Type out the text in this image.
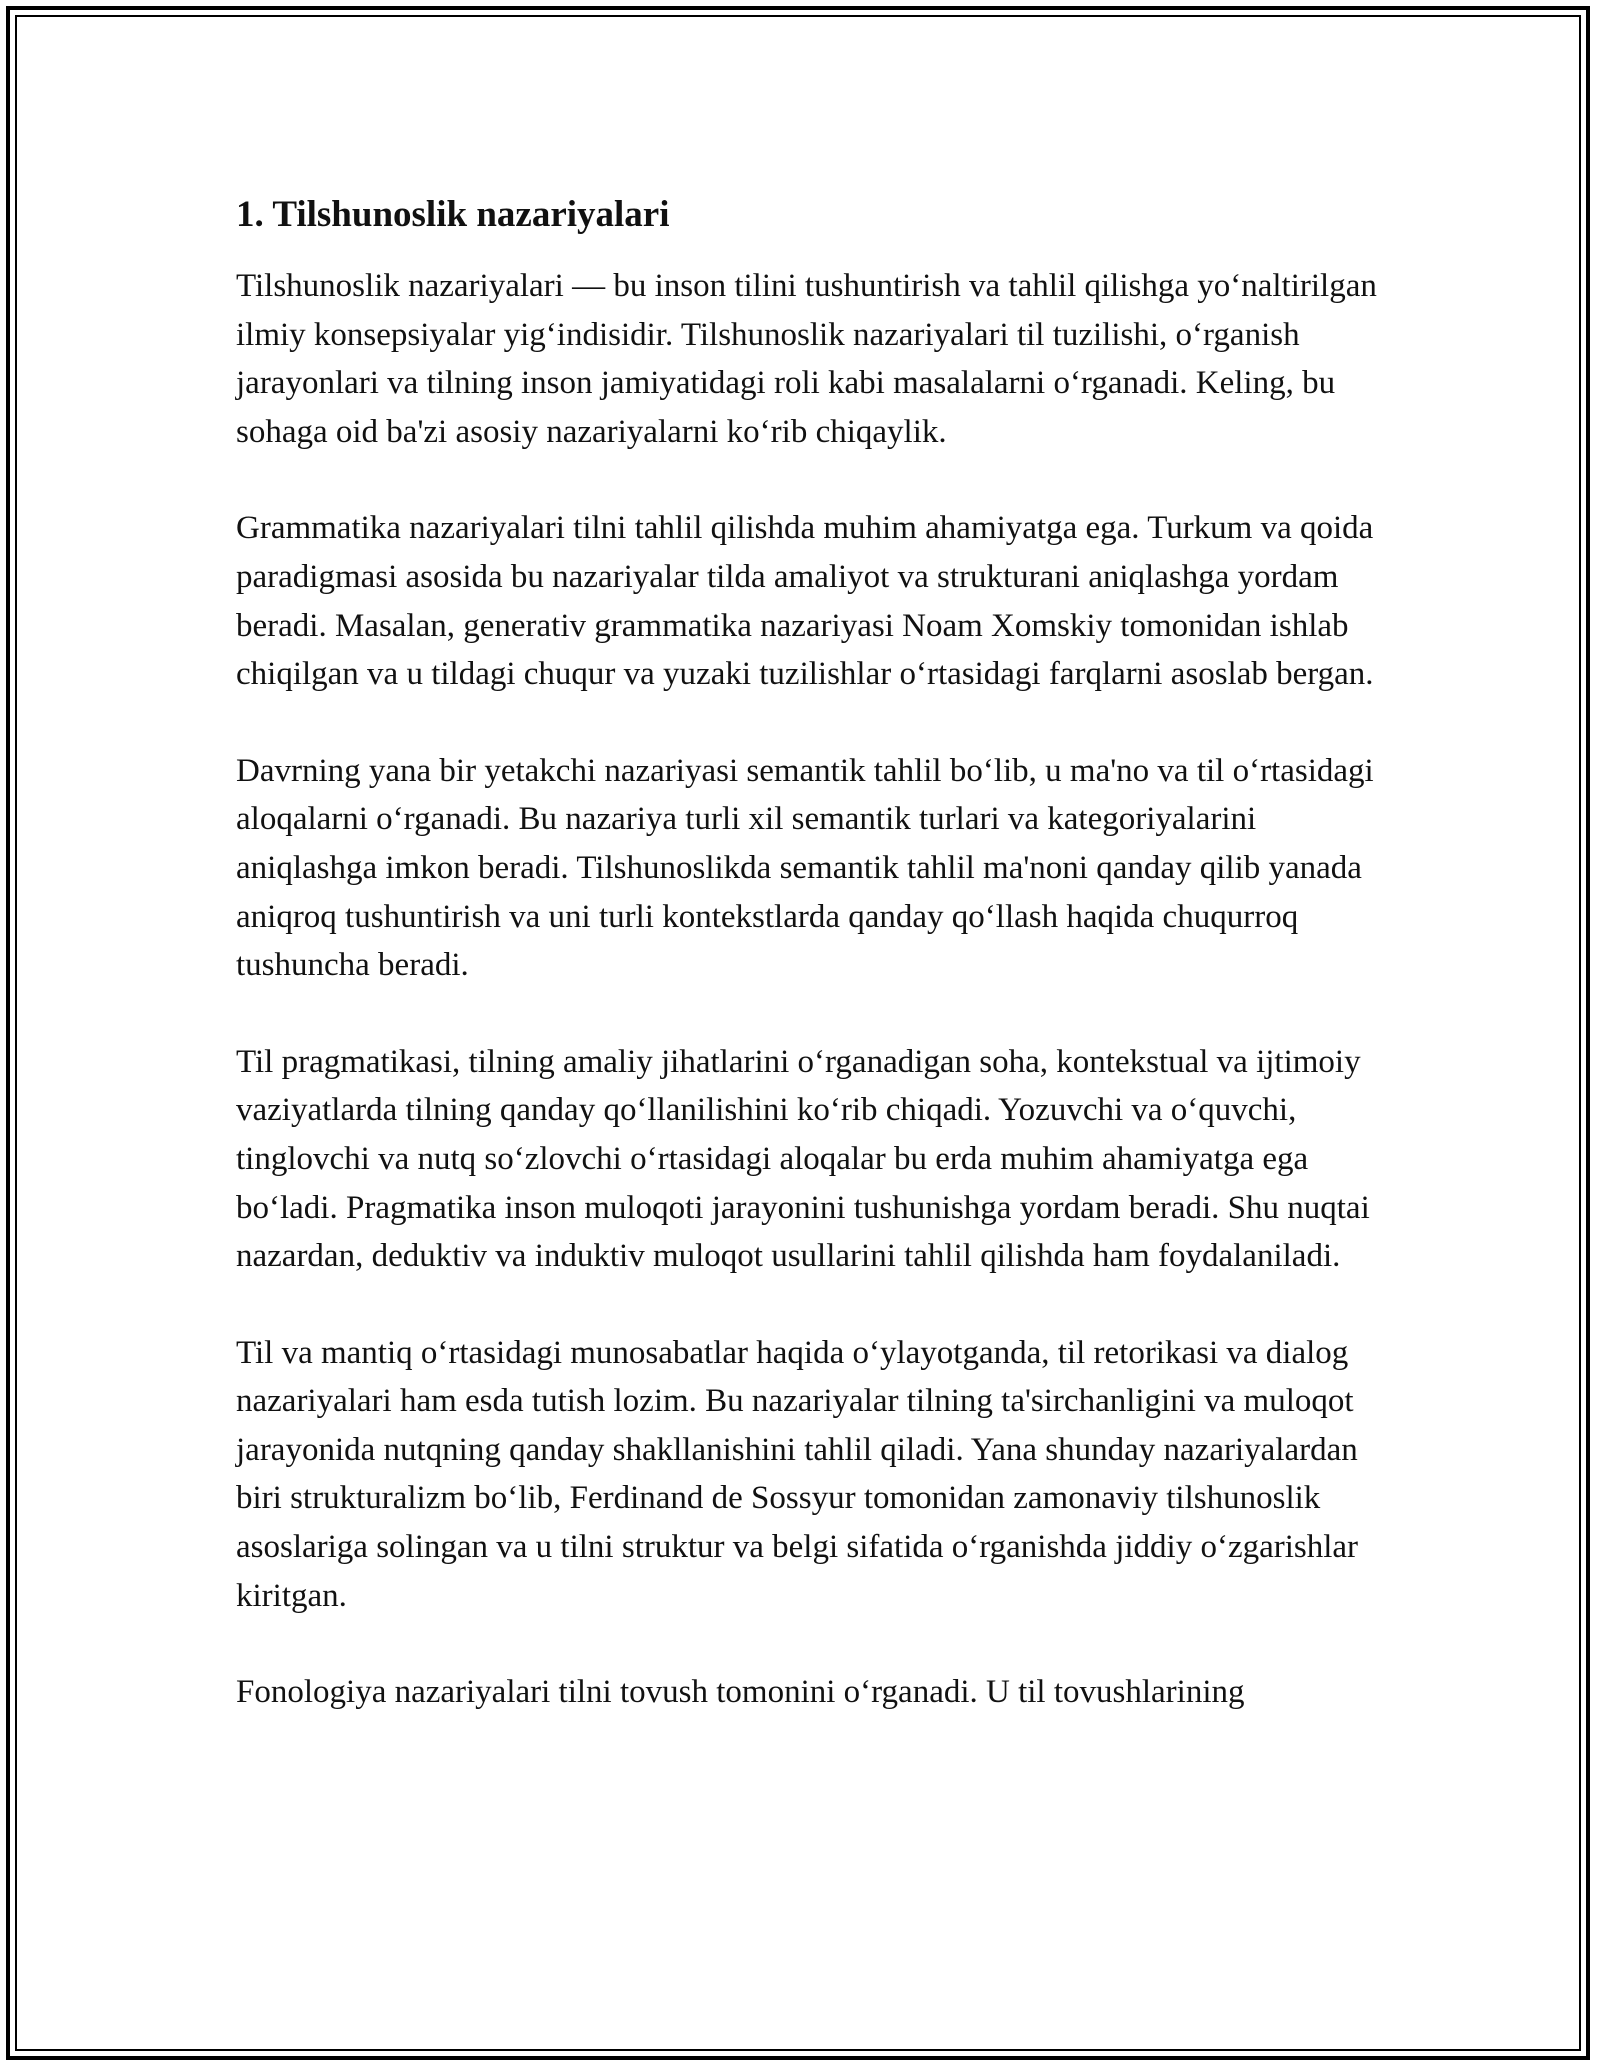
1. Tilshunoslik nazariyalari

Tilshunoslik nazariyalari — bu inson tilini tushuntirish va tahlil qilishga yo‘naltirilgan ilmiy konsepsiyalar yig‘indisidir. Tilshunoslik nazariyalari til tuzilishi, o‘rganish jarayonlari va tilning inson jamiyatidagi roli kabi masalalarni o‘rganadi. Keling, bu sohaga oid ba'zi asosiy nazariyalarni ko‘rib chiqaylik.

Grammatika nazariyalari tilni tahlil qilishda muhim ahamiyatga ega. Turkum va qoida paradigmasi asosida bu nazariyalar tilda amaliyot va strukturani aniqlashga yordam beradi. Masalan, generativ grammatika nazariyasi Noam Xomskiy tomonidan ishlab chiqilgan va u tildagi chuqur va yuzaki tuzilishlar o‘rtasidagi farqlarni asoslab bergan.

Davrning yana bir yetakchi nazariyasi semantik tahlil bo‘lib, u ma'no va til o‘rtasidagi aloqalarni o‘rganadi. Bu nazariya turli xil semantik turlari va kategoriyalarini aniqlashga imkon beradi. Tilshunoslikda semantik tahlil ma'noni qanday qilib yanada aniqroq tushuntirish va uni turli kontekstlarda qanday qo‘llash haqida chuqurroq tushuncha beradi.

Til pragmatikasi, tilning amaliy jihatlarini o‘rganadigan soha, kontekstual va ijtimoiy vaziyatlarda tilning qanday qo‘llanilishini ko‘rib chiqadi. Yozuvchi va o‘quvchi, tinglovchi va nutq so‘zlovchi o‘rtasidagi aloqalar bu erda muhim ahamiyatga ega bo‘ladi. Pragmatika inson muloqoti jarayonini tushunishga yordam beradi. Shu nuqtai nazardan, deduktiv va induktiv muloqot usullarini tahlil qilishda ham foydalaniladi.

Til va mantiq o‘rtasidagi munosabatlar haqida o‘ylayotganda, til retorikasi va dialog nazariyalari ham esda tutish lozim. Bu nazariyalar tilning ta'sirchanligini va muloqot jarayonida nutqning qanday shakllanishini tahlil qiladi. Yana shunday nazariyalardan biri strukturalizm bo‘lib, Ferdinand de Sossyur tomonidan zamonaviy tilshunoslik asoslariga solingan va u tilni struktur va belgi sifatida o‘rganishda jiddiy o‘zgarishlar kiritgan.

Fonologiya nazariyalari tilni tovush tomonini o‘rganadi. U til tovushlarining
